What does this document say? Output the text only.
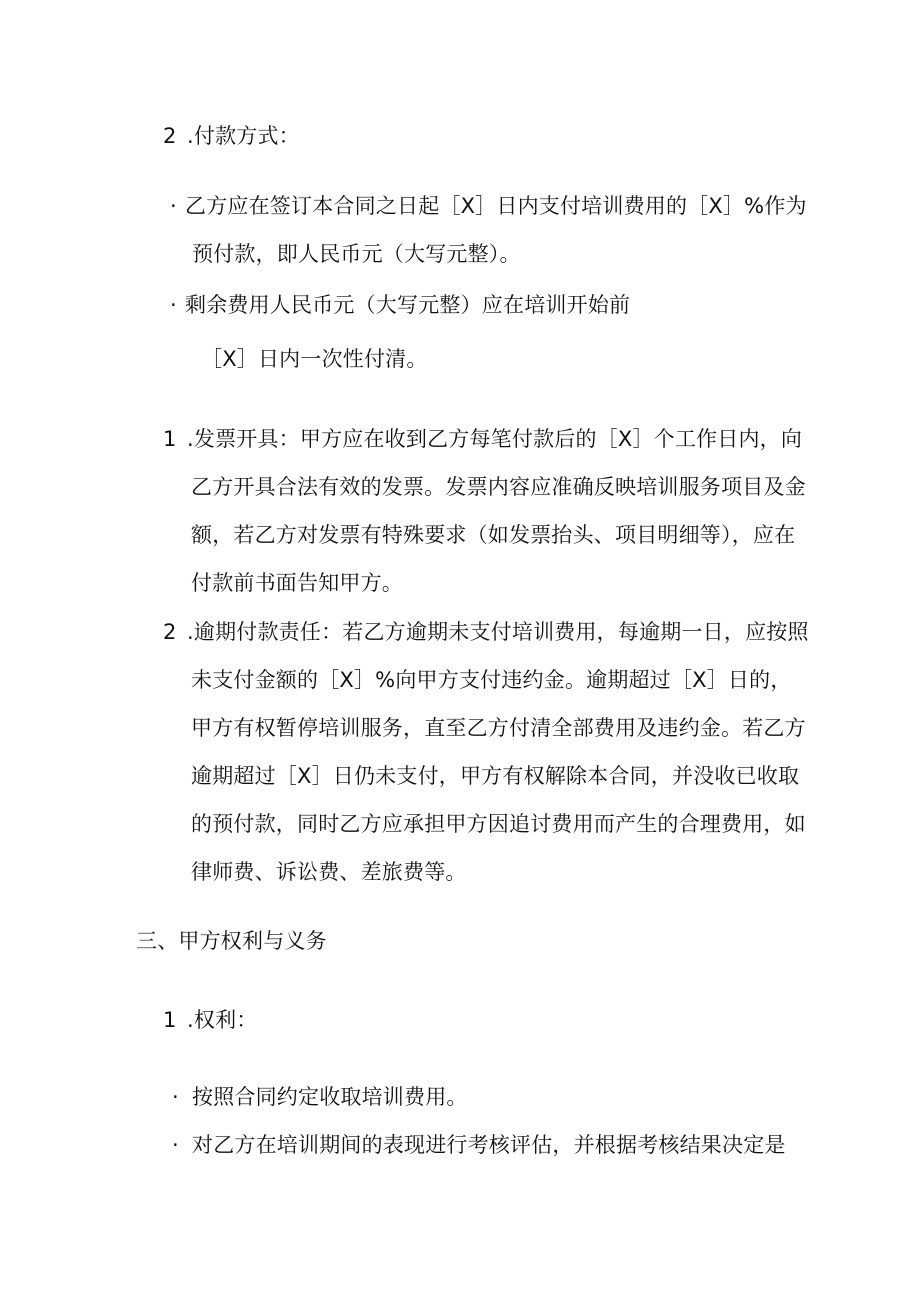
2 .付款方式：
· 乙方应在签订本合同之日起［X］日内支付培训费用的［X］%作为
预付款，即人民币元（大写元整）。
· 剩余费用人民币元（大写元整）应在培训开始前
［X］日内一次性付清。
1 .发票开具：甲方应在收到乙方每笔付款后的［X］个工作日内，向
乙方开具合法有效的发票。发票内容应准确反映培训服务项目及金
额，若乙方对发票有特殊要求（如发票抬头、项目明细等），应在
付款前书面告知甲方。
2 .逾期付款责任：若乙方逾期未支付培训费用，每逾期一日，应按照
未支付金额的［X］%向甲方支付违约金。逾期超过［X］日的，
甲方有权暂停培训服务，直至乙方付清全部费用及违约金。若乙方
逾期超过［X］日仍未支付，甲方有权解除本合同，并没收已收取
的预付款，同时乙方应承担甲方因追讨费用而产生的合理费用，如
律师费、诉讼费、差旅费等。
三、甲方权利与义务
1 .权利：
· 按照合同约定收取培训费用。
· 对乙方在培训期间的表现进行考核评估，并根据考核结果决定是
